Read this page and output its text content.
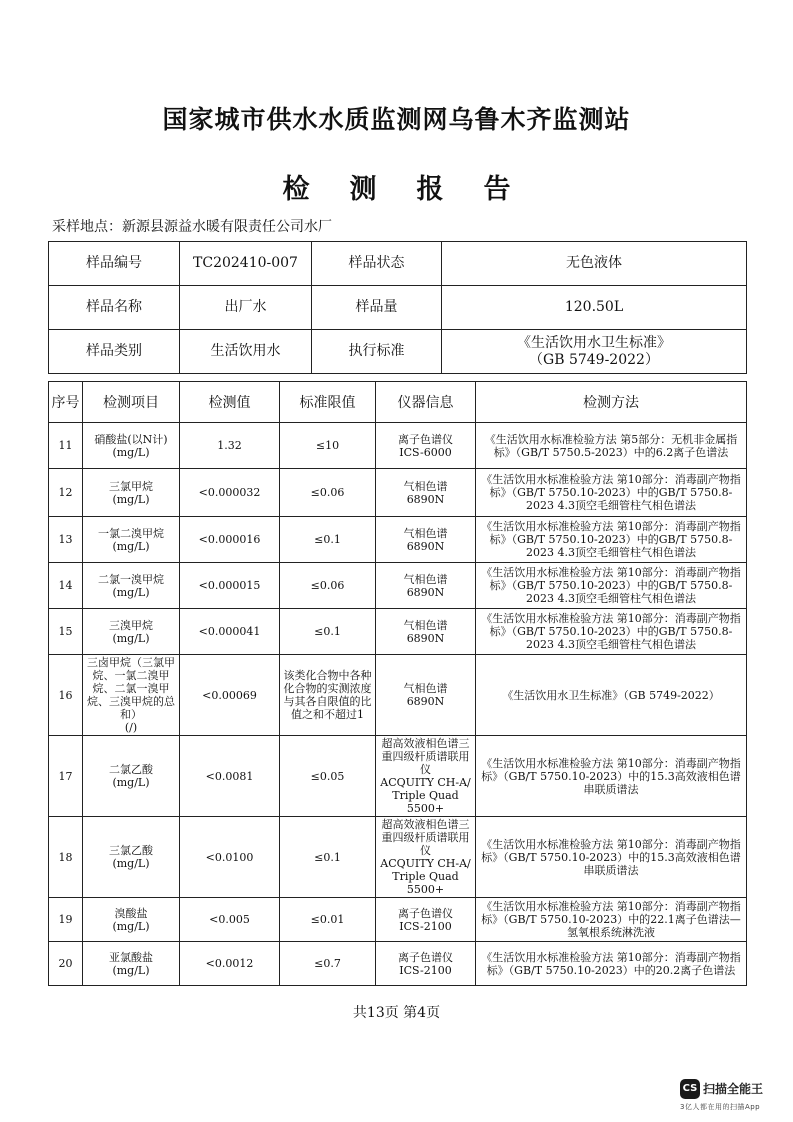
国家城市供水水质监测网乌鲁木齐监测站
检测报告
采样地点：新源县源益水暖有限责任公司水厂
样品编号	TC202410-007	样品状态	无色液体
样品名称	出厂水	样品量	120.50L
样品类别	生活饮用水	执行标准	《生活饮用水卫生标准》
（GB 5749-2022）
序号	检测项目	检测值	标准限值	仪器信息	检测方法
11	硝酸盐(以N计)
(mg/L)	1.32	≤10	离子色谱仪
ICS-6000	《生活饮用水标准检验方法 第5部分：无机非金属指标》（GB/T 5750.5-2023）中的6.2离子色谱法
12	三氯甲烷
(mg/L)	<0.000032	≤0.06	气相色谱
6890N	《生活饮用水标准检验方法 第10部分：消毒副产物指标》（GB/T 5750.10-2023）中的GB/T 5750.8-2023 4.3顶空毛细管柱气相色谱法
13	一氯二溴甲烷
(mg/L)	<0.000016	≤0.1	气相色谱
6890N	《生活饮用水标准检验方法 第10部分：消毒副产物指标》（GB/T 5750.10-2023）中的GB/T 5750.8-2023 4.3顶空毛细管柱气相色谱法
14	二氯一溴甲烷
(mg/L)	<0.000015	≤0.06	气相色谱
6890N	《生活饮用水标准检验方法 第10部分：消毒副产物指标》（GB/T 5750.10-2023）中的GB/T 5750.8-2023 4.3顶空毛细管柱气相色谱法
15	三溴甲烷
(mg/L)	<0.000041	≤0.1	气相色谱
6890N	《生活饮用水标准检验方法 第10部分：消毒副产物指标》（GB/T 5750.10-2023）中的GB/T 5750.8-2023 4.3顶空毛细管柱气相色谱法
16	三卤甲烷（三氯甲烷、一氯二溴甲烷、二氯一溴甲烷、三溴甲烷的总和）
(/)	<0.00069	该类化合物中各种化合物的实测浓度与其各自限值的比值之和不超过1	气相色谱
6890N	《生活饮用水卫生标准》（GB 5749-2022）
17	二氯乙酸
(mg/L)	<0.0081	≤0.05	超高效液相色谱三重四级杆质谱联用仪
ACQUITY CH-A/
Triple Quad 5500+	《生活饮用水标准检验方法 第10部分：消毒副产物指标》（GB/T 5750.10-2023）中的15.3高效液相色谱串联质谱法
18	三氯乙酸
(mg/L)	<0.0100	≤0.1	超高效液相色谱三重四级杆质谱联用仪
ACQUITY CH-A/
Triple Quad 5500+	《生活饮用水标准检验方法 第10部分：消毒副产物指标》（GB/T 5750.10-2023）中的15.3高效液相色谱串联质谱法
19	溴酸盐
(mg/L)	<0.005	≤0.01	离子色谱仪
ICS-2100	《生活饮用水标准检验方法 第10部分：消毒副产物指标》（GB/T 5750.10-2023）中的22.1离子色谱法—氢氧根系统淋洗液
20	亚氯酸盐
(mg/L)	<0.0012	≤0.7	离子色谱仪
ICS-2100	《生活饮用水标准检验方法 第10部分：消毒副产物指标》（GB/T 5750.10-2023）中的20.2离子色谱法
共13页 第4页
CS 扫描全能王
3亿人都在用的扫描App
